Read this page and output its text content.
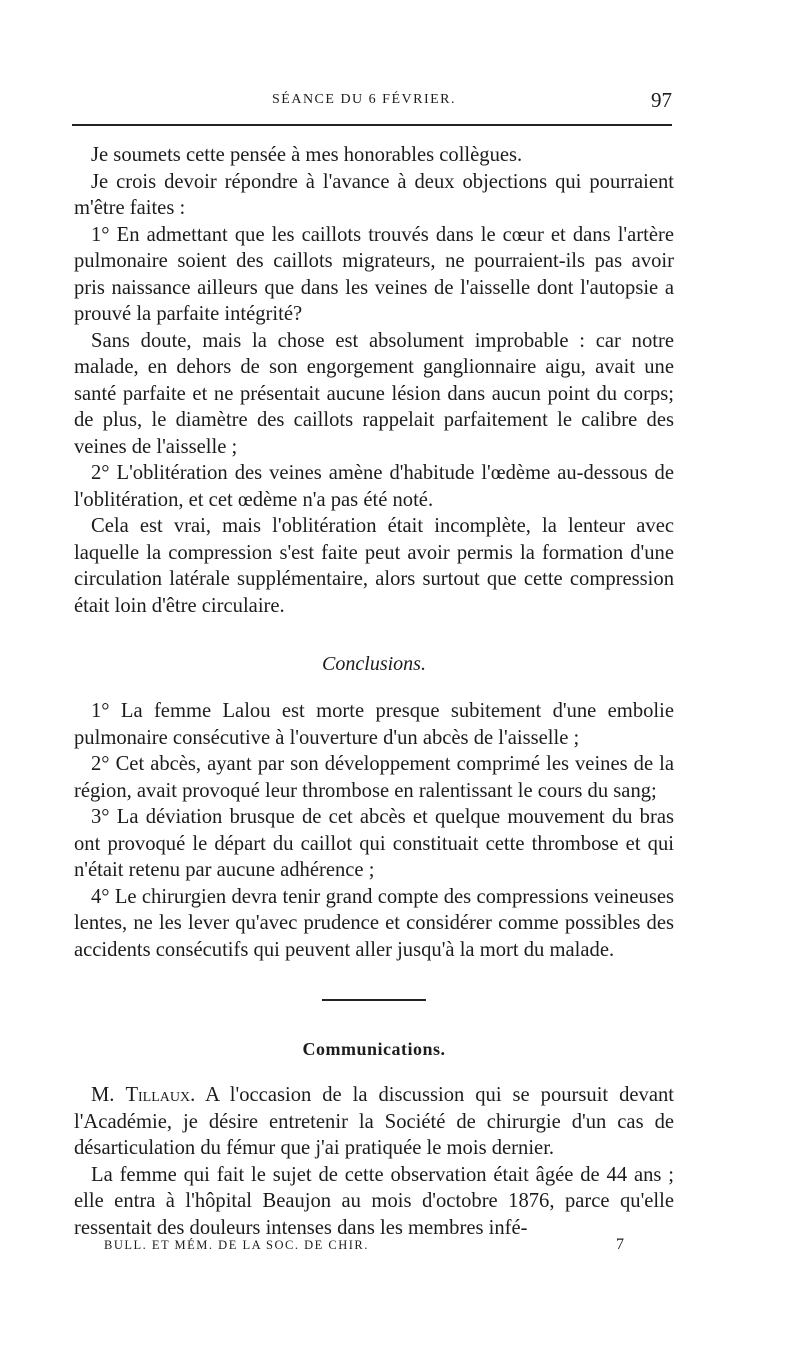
SÉANCE DU 6 FÉVRIER.	97

Je soumets cette pensée à mes honorables collègues.

Je crois devoir répondre à l'avance à deux objections qui pourraient m'être faites :

1° En admettant que les caillots trouvés dans le cœur et dans l'artère pulmonaire soient des caillots migrateurs, ne pourraient-ils pas avoir pris naissance ailleurs que dans les veines de l'aisselle dont l'autopsie a prouvé la parfaite intégrité?

Sans doute, mais la chose est absolument improbable : car notre malade, en dehors de son engorgement ganglionnaire aigu, avait une santé parfaite et ne présentait aucune lésion dans aucun point du corps; de plus, le diamètre des caillots rappelait parfaitement le calibre des veines de l'aisselle ;

2° L'oblitération des veines amène d'habitude l'œdème au-dessous de l'oblitération, et cet œdème n'a pas été noté.

Cela est vrai, mais l'oblitération était incomplète, la lenteur avec laquelle la compression s'est faite peut avoir permis la formation d'une circulation latérale supplémentaire, alors surtout que cette compression était loin d'être circulaire.

Conclusions.

1° La femme Lalou est morte presque subitement d'une embolie pulmonaire consécutive à l'ouverture d'un abcès de l'aisselle ;

2° Cet abcès, ayant par son développement comprimé les veines de la région, avait provoqué leur thrombose en ralentissant le cours du sang;

3° La déviation brusque de cet abcès et quelque mouvement du bras ont provoqué le départ du caillot qui constituait cette thrombose et qui n'était retenu par aucune adhérence ;

4° Le chirurgien devra tenir grand compte des compressions veineuses lentes, ne les lever qu'avec prudence et considérer comme possibles des accidents consécutifs qui peuvent aller jusqu'à la mort du malade.

Communications.

M. Tillaux. A l'occasion de la discussion qui se poursuit devant l'Académie, je désire entretenir la Société de chirurgie d'un cas de désarticulation du fémur que j'ai pratiquée le mois dernier.

La femme qui fait le sujet de cette observation était âgée de 44 ans ; elle entra à l'hôpital Beaujon au mois d'octobre 1876, parce qu'elle ressentait des douleurs intenses dans les membres infé-

BULL. ET MÉM. DE LA SOC. DE CHIR.	7
